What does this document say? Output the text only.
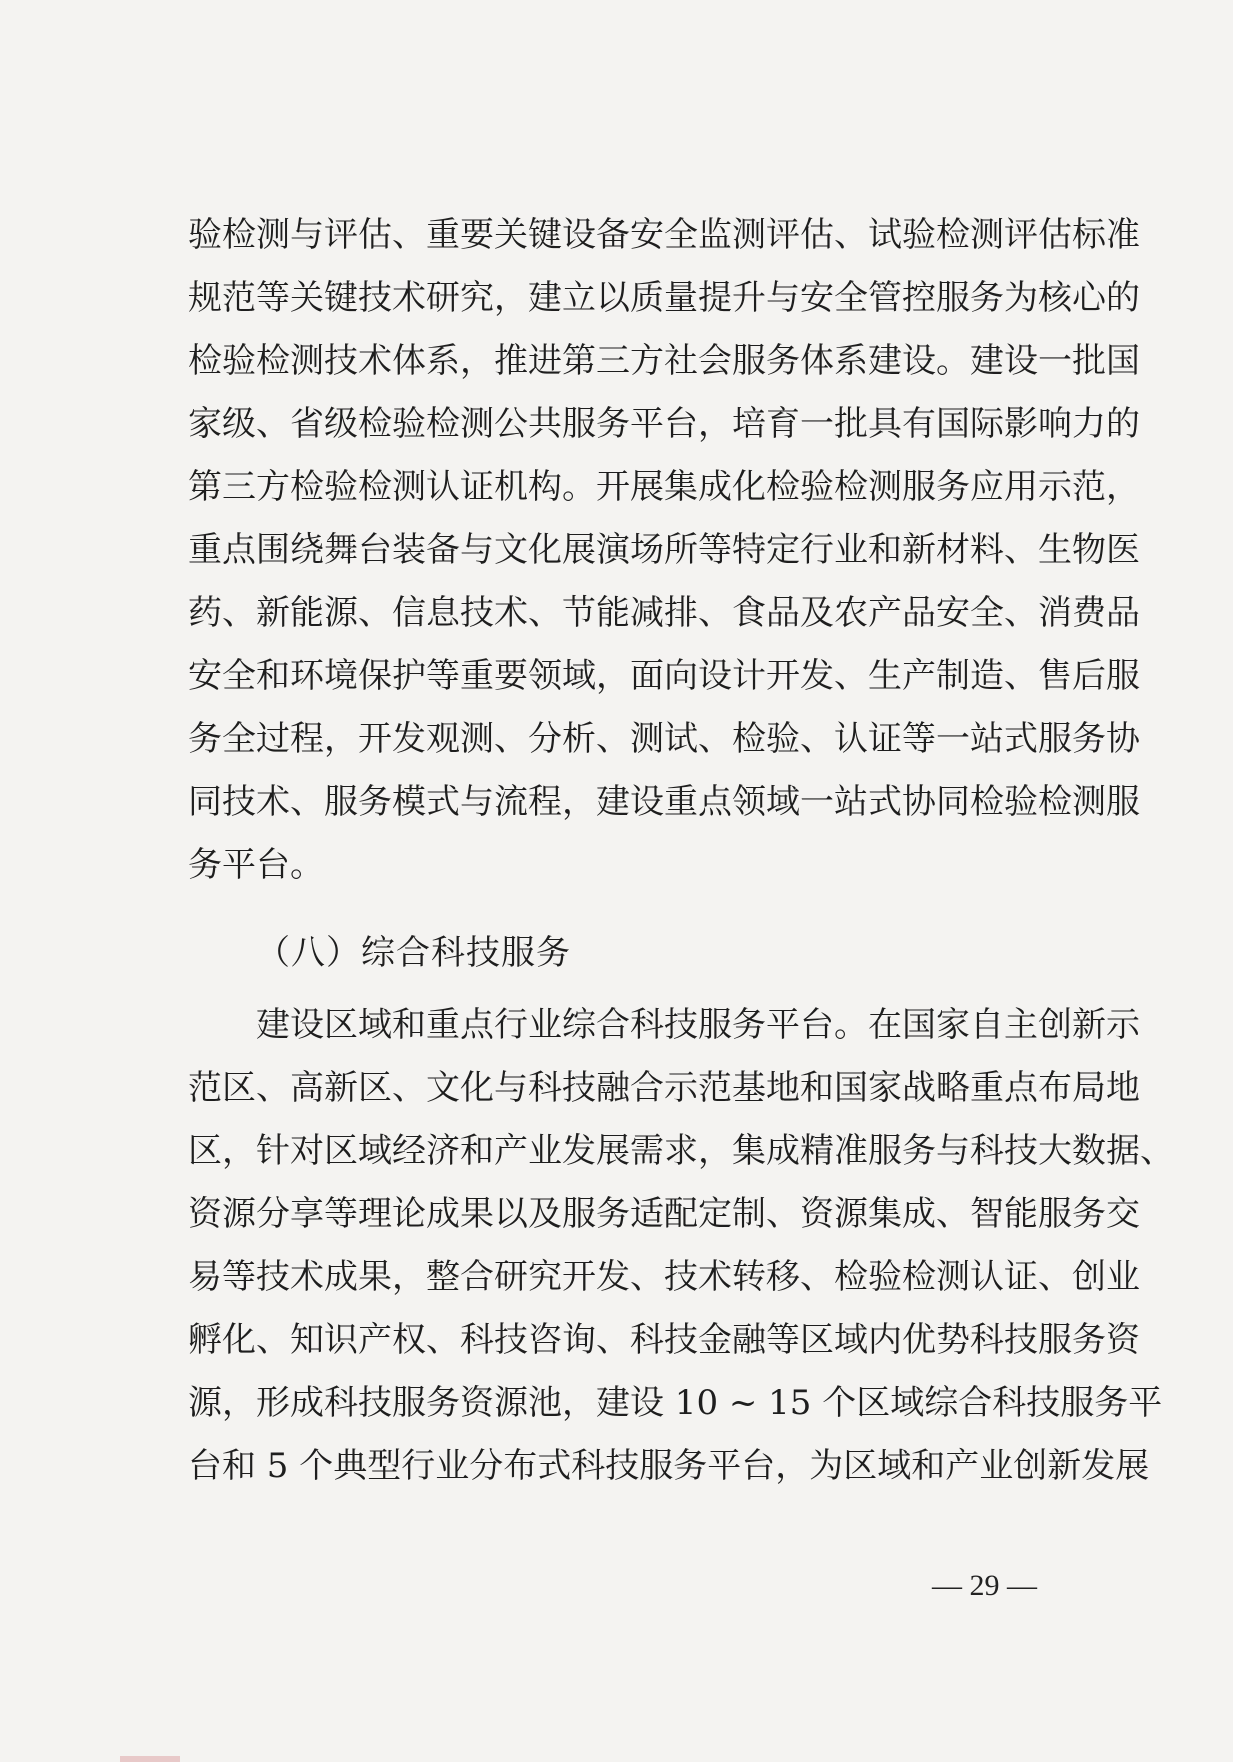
验检测与评估、重要关键设备安全监测评估、试验检测评估标准
规范等关键技术研究，建立以质量提升与安全管控服务为核心的
检验检测技术体系，推进第三方社会服务体系建设。建设一批国
家级、省级检验检测公共服务平台，培育一批具有国际影响力的
第三方检验检测认证机构。开展集成化检验检测服务应用示范，
重点围绕舞台装备与文化展演场所等特定行业和新材料、生物医
药、新能源、信息技术、节能减排、食品及农产品安全、消费品
安全和环境保护等重要领域，面向设计开发、生产制造、售后服
务全过程，开发观测、分析、测试、检验、认证等一站式服务协
同技术、服务模式与流程，建设重点领域一站式协同检验检测服
务平台。
（八）综合科技服务
建设区域和重点行业综合科技服务平台。在国家自主创新示
范区、高新区、文化与科技融合示范基地和国家战略重点布局地
区，针对区域经济和产业发展需求，集成精准服务与科技大数据、
资源分享等理论成果以及服务适配定制、资源集成、智能服务交
易等技术成果，整合研究开发、技术转移、检验检测认证、创业
孵化、知识产权、科技咨询、科技金融等区域内优势科技服务资
源，形成科技服务资源池，建设 10 ~ 15 个区域综合科技服务平
台和 5 个典型行业分布式科技服务平台，为区域和产业创新发展
— 29 —
